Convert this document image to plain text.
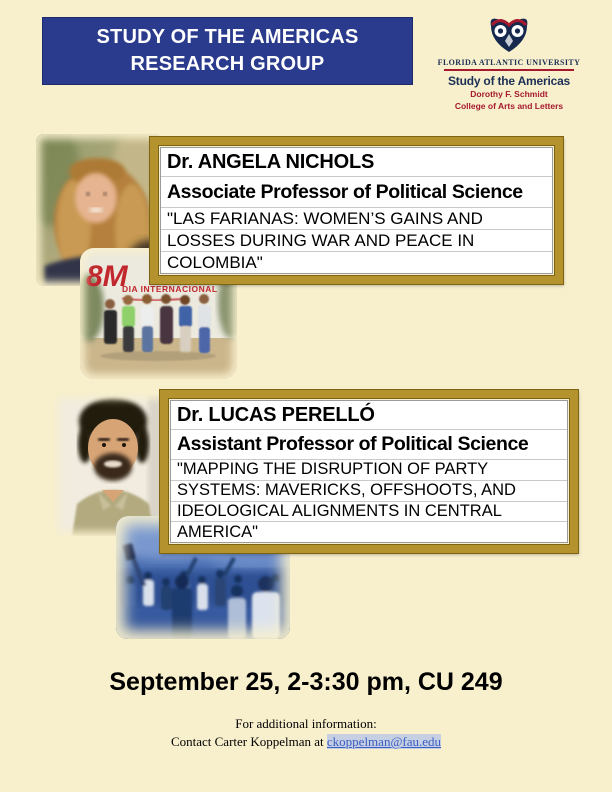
STUDY OF THE AMERICAS
RESEARCH GROUP	FLORIDA ATLANTIC UNIVERSITY
Study of the Americas
Dorothy F. Schmidt
College of Arts and Letters
8M
DIA INTERNACIONAL
Dr. ANGELA NICHOLS
Associate Professor of Political Science
"LAS FARIANAS: WOMEN’S GAINS AND
LOSSES DURING WAR AND PEACE IN
COLOMBIA"
Dr. LUCAS PERELLÓ
Assistant Professor of Political Science
"MAPPING THE DISRUPTION OF PARTY
SYSTEMS: MAVERICKS, OFFSHOOTS, AND
IDEOLOGICAL ALIGNMENTS IN CENTRAL
AMERICA"
September 25, 2-3:30 pm, CU 249
For additional information:
Contact Carter Koppelman at ckoppelman@fau.edu
